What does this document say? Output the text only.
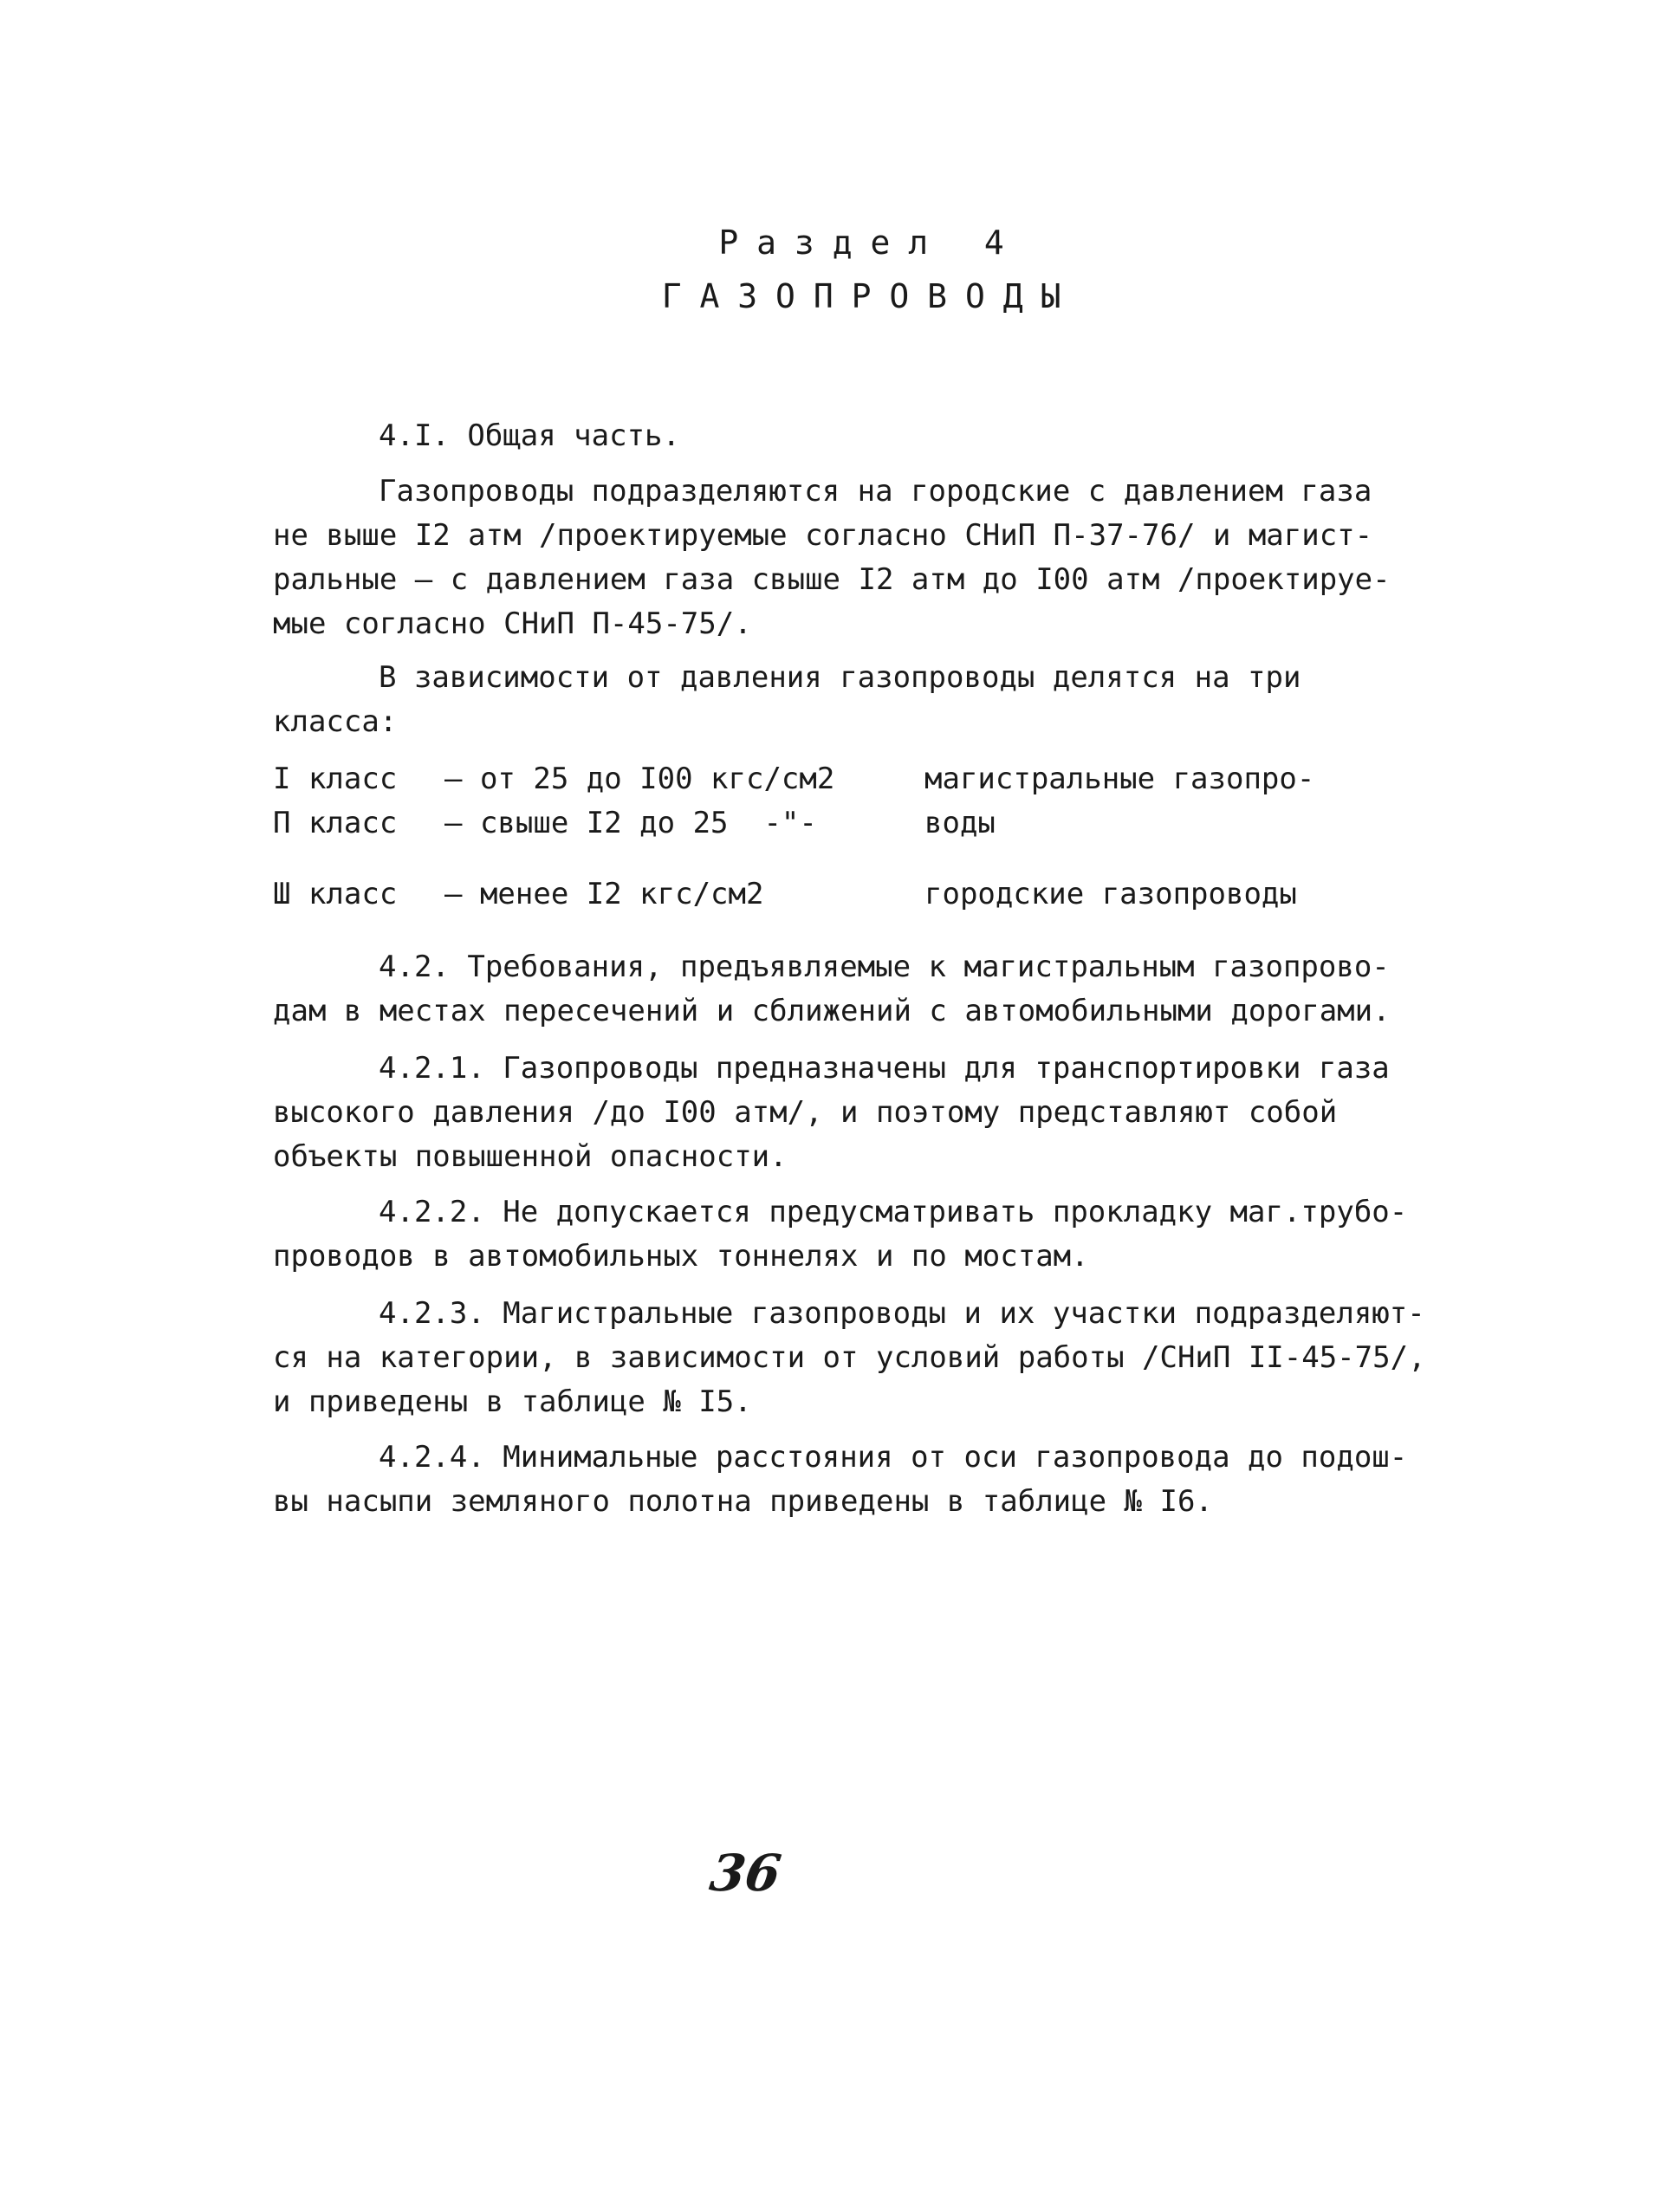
Раздел 4
ГАЗОПРОВОДЫ
4.I. Общая часть.
Газопроводы подразделяются на городские с давлением газа
не выше I2 атм /проектируемые согласно СНиП П-37-76/ и магист-
ральные – с давлением газа свыше I2 атм до I00 атм /проектируе-
мые согласно СНиП П-45-75/.
В зависимости от давления газопроводы делятся на три
класса:
I класс – от 25 до I00 кгс/см2	магистральные газопро-
П класс – свыше I2 до 25  -"-	воды
Ш класс – менее I2 кгс/см2	городские газопроводы
4.2. Требования, предъявляемые к магистральным газопрово-
дам в местах пересечений и сближений с автомобильными дорогами.
4.2.1. Газопроводы предназначены для транспортировки газа
высокого давления /до I00 атм/, и поэтому представляют собой
объекты повышенной опасности.
4.2.2. Не допускается предусматривать прокладку маг.трубо-
проводов в автомобильных тоннелях и по мостам.
4.2.3. Магистральные газопроводы и их участки подразделяют-
ся на категории, в зависимости от условий работы /СНиП II-45-75/,
и приведены в таблице № I5.
4.2.4. Минимальные расстояния от оси газопровода до подош-
вы насыпи земляного полотна приведены в таблице № I6.
36
